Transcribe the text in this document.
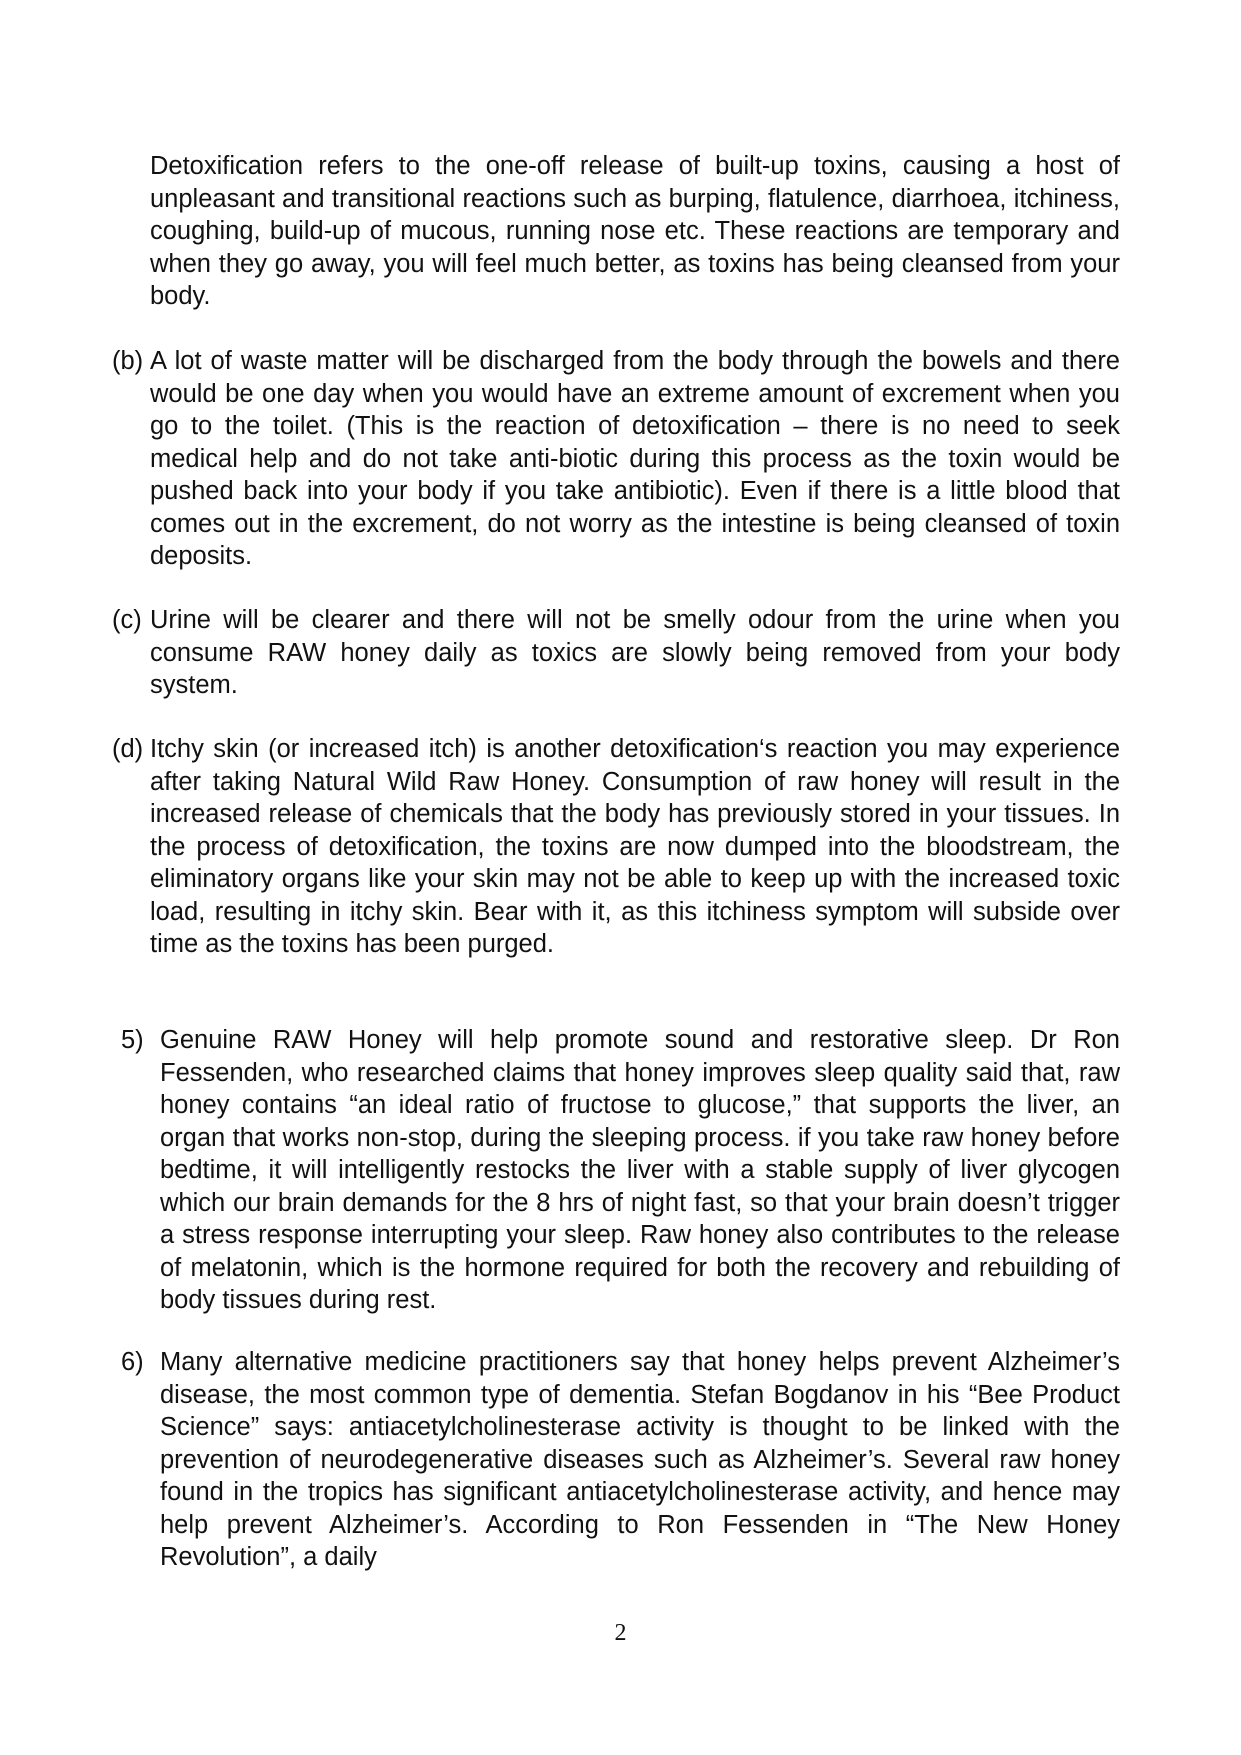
Detoxification refers to the one-off release of built-up toxins, causing a host of unpleasant and transitional reactions such as burping, flatulence, diarrhoea, itchiness, coughing, build-up of mucous, running nose etc. These reactions are temporary and when they go away, you will feel much better, as toxins has being cleansed from your body.

(b) A lot of waste matter will be discharged from the body through the bowels and there would be one day when you would have an extreme amount of excrement when you go to the toilet. (This is the reaction of detoxification – there is no need to seek medical help and do not take anti-biotic during this process as the toxin would be pushed back into your body if you take antibiotic). Even if there is a little blood that comes out in the excrement, do not worry as the intestine is being cleansed of toxin deposits.

(c) Urine will be clearer and there will not be smelly odour from the urine when you consume RAW honey daily as toxics are slowly being removed from your body system.

(d) Itchy skin (or increased itch) is another detoxification‘s reaction you may experience after taking Natural Wild Raw Honey. Consumption of raw honey will result in the increased release of chemicals that the body has previously stored in your tissues. In the process of detoxification, the toxins are now dumped into the bloodstream, the eliminatory organs like your skin may not be able to keep up with the increased toxic load, resulting in itchy skin. Bear with it, as this itchiness symptom will subside over time as the toxins has been purged.

5) Genuine RAW Honey will help promote sound and restorative sleep. Dr Ron Fessenden, who researched claims that honey improves sleep quality said that, raw honey contains “an ideal ratio of fructose to glucose,” that supports the liver, an organ that works non-stop, during the sleeping process. if you take raw honey before bedtime, it will intelligently restocks the liver with a stable supply of liver glycogen which our brain demands for the 8 hrs of night fast, so that your brain doesn’t trigger a stress response interrupting your sleep. Raw honey also contributes to the release of melatonin, which is the hormone required for both the recovery and rebuilding of body tissues during rest.

6) Many alternative medicine practitioners say that honey helps prevent Alzheimer’s disease, the most common type of dementia. Stefan Bogdanov in his “Bee Product Science” says: antiacetylcholinesterase activity is thought to be linked with the prevention of neurodegenerative diseases such as Alzheimer’s. Several raw honey found in the tropics has significant antiacetylcholinesterase activity, and hence may help prevent Alzheimer’s. According to Ron Fessenden in “The New Honey Revolution”, a daily

2
